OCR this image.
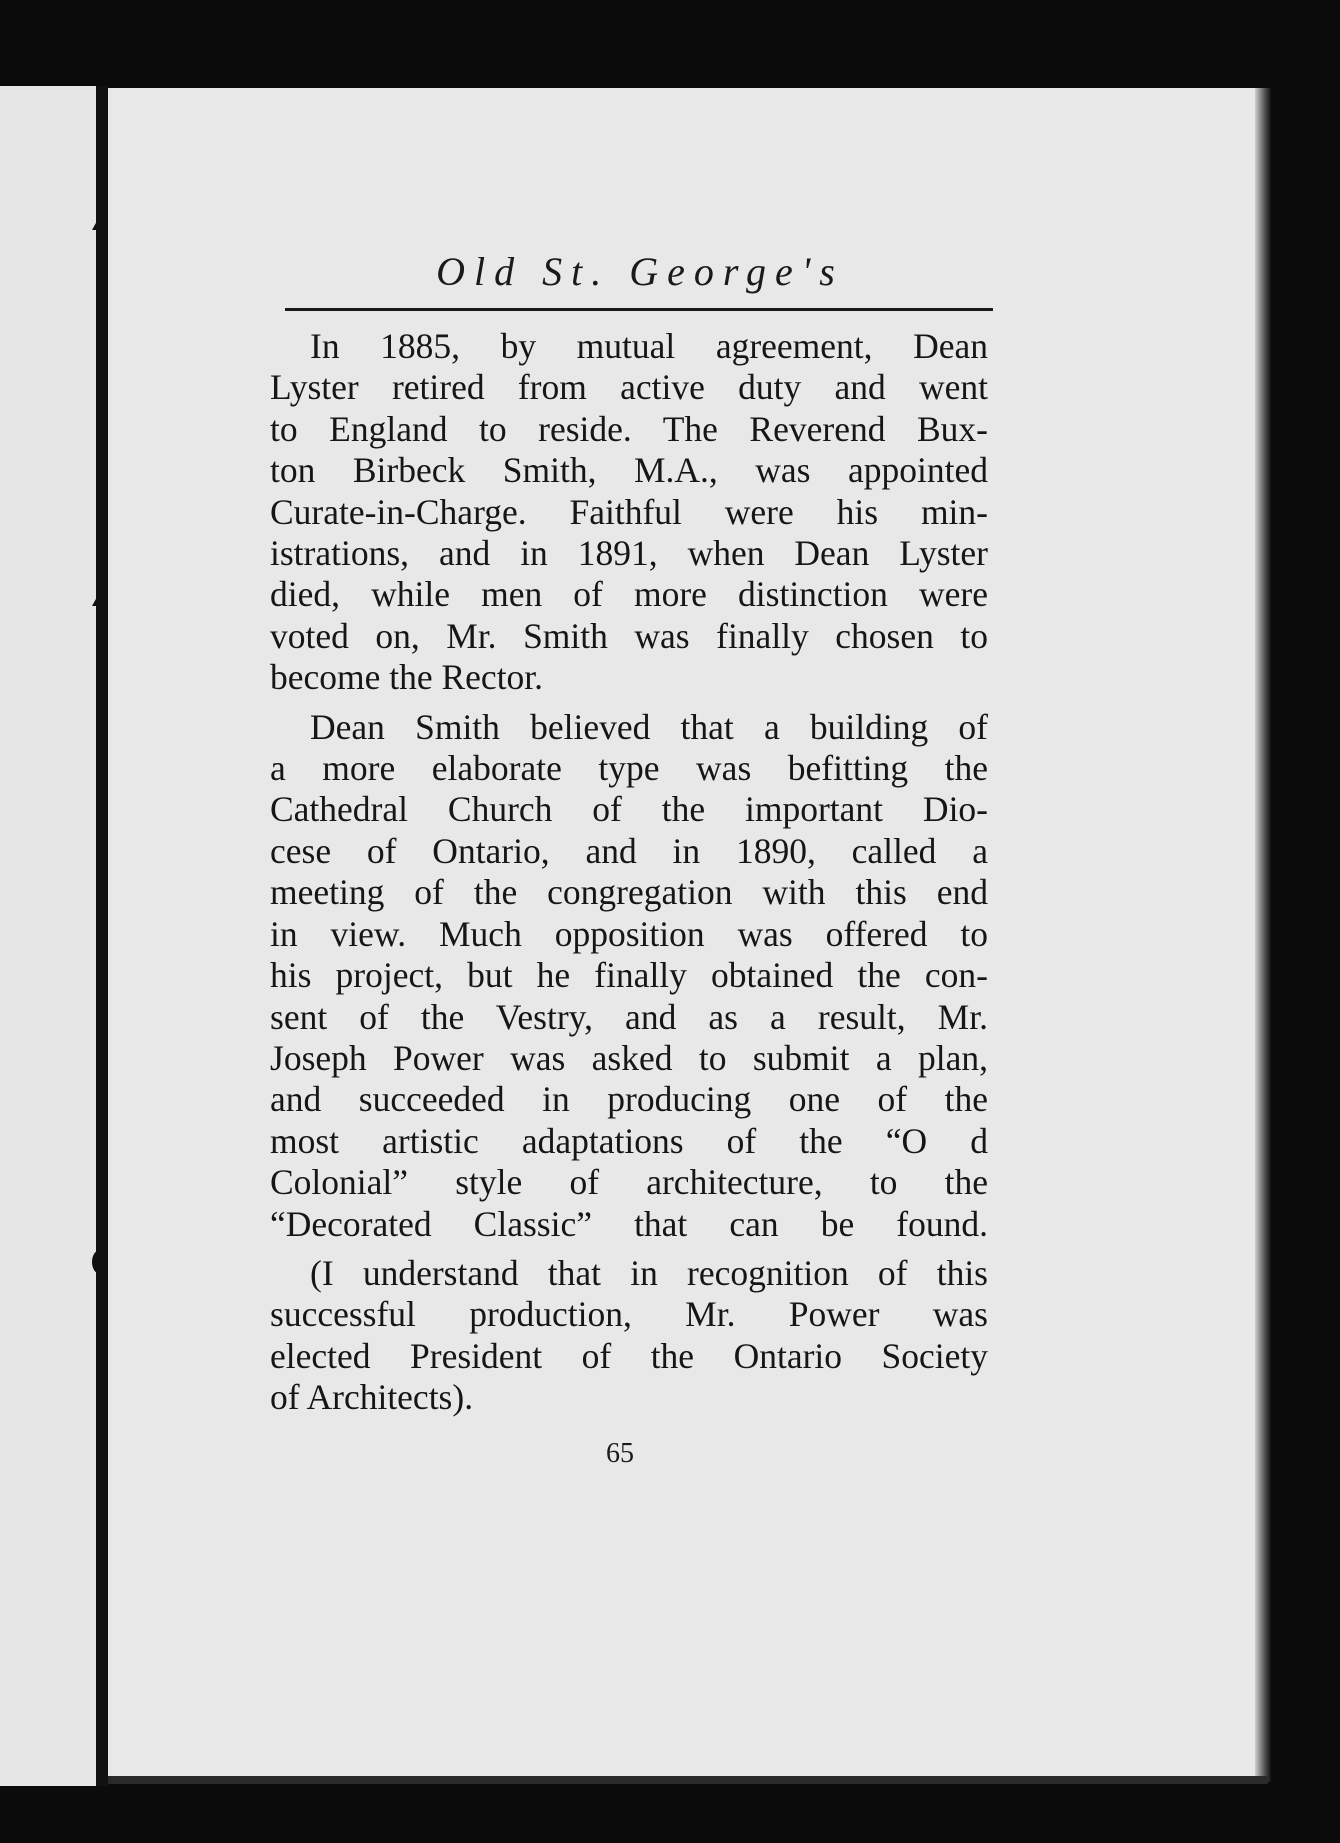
Old St. George's
In 1885, by mutual agreement, Dean
Lyster retired from active duty and went
to England to reside. The Reverend Bux-
ton Birbeck Smith, M.A., was appointed
Curate-in-Charge. Faithful were his min-
istrations, and in 1891, when Dean Lyster
died, while men of more distinction were
voted on, Mr. Smith was finally chosen to
become the Rector.
Dean Smith believed that a building of
a more elaborate type was befitting the
Cathedral Church of the important Dio-
cese of Ontario, and in 1890, called a
meeting of the congregation with this end
in view. Much opposition was offered to
his project, but he finally obtained the con-
sent of the Vestry, and as a result, Mr.
Joseph Power was asked to submit a plan,
and succeeded in producing one of the
most artistic adaptations of the “O d
Colonial” style of architecture, to the
“Decorated Classic” that can be found.
(I understand that in recognition of this
successful production, Mr. Power was
elected President of the Ontario Society
of Architects).
65
